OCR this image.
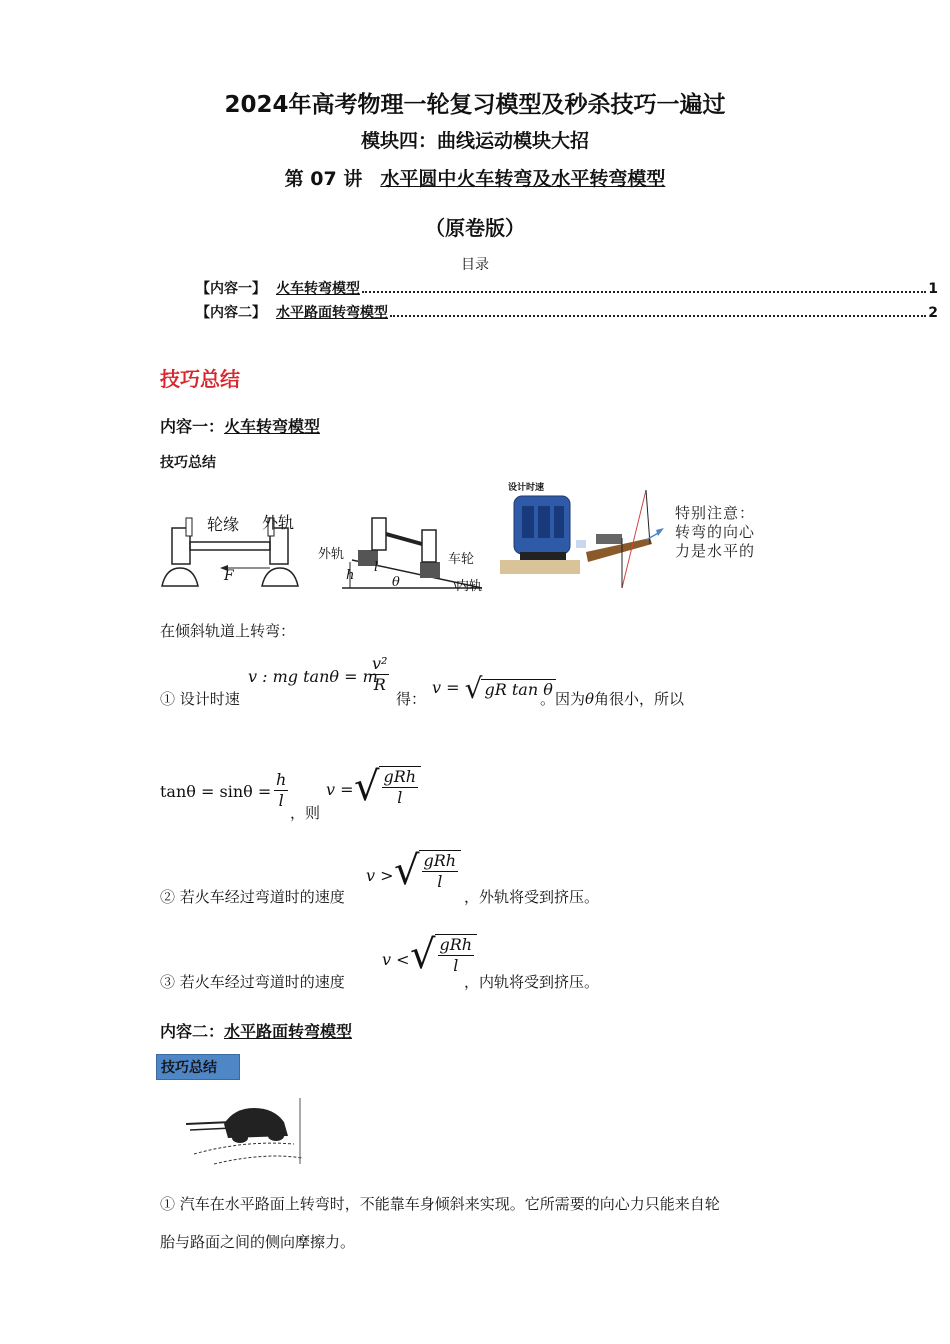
2024年高考物理一轮复习模型及秒杀技巧一遍过
模块四：曲线运动模块大招
第 07 讲 水平圆中火车转弯及水平转弯模型
（原卷版）
目录
【内容一】 火车转弯模型	1
【内容二】 水平路面转弯模型	2
技巧总结
内容一：火车转弯模型
技巧总结
轮缘 外轨
F
外轨	车轮
h
l
θ	内轨
设计时速
特别注意：
转弯的向心
力是水平的
在倾斜轨道上转弯：
v : mg tanθ = m
$\frac{\text{v²}}{R}$
① 设计时速	得：
v = √ gR tan θ
。因为θ角很小，所以
$\tan\theta = \sin\theta = \frac{h}{l}$
，则
v = √ $\frac{\text{gRh}}{l}$
② 若火车经过弯道时的速度
v > √ $\frac{\text{gRh}}{l}$
，外轨将受到挤压。
③ 若火车经过弯道时的速度
v < √ $\frac{\text{gRh}}{l}$
，内轨将受到挤压。
内容二：水平路面转弯模型
技巧总结
① 汽车在水平路面上转弯时，不能靠车身倾斜来实现。它所需要的向心力只能来自轮
胎与路面之间的侧向摩擦力。
